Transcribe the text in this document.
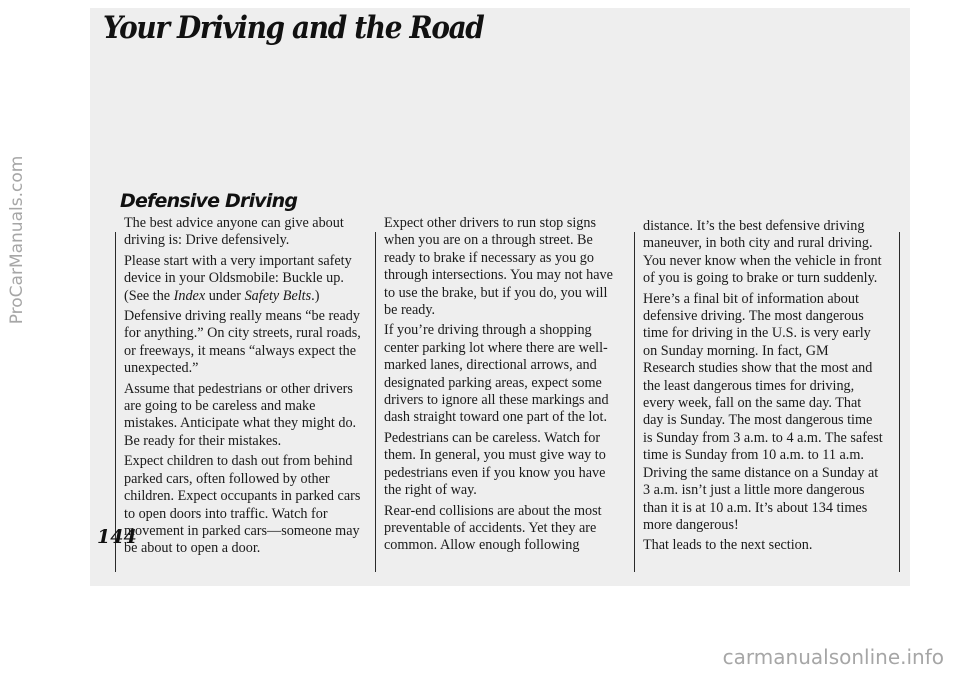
ProCarManuals.com
Your Driving and the Road
Defensive Driving
144

The best advice anyone can give about driving is: Drive defensively.

Please start with a very important safety device in your Oldsmobile: Buckle up. (See the Index under Safety Belts.)

Defensive driving really means “be ready for anything.” On city streets, rural roads, or freeways, it means “always expect the unexpected.”

Assume that pedestrians or other drivers are going to be careless and make mistakes. Anticipate what they might do. Be ready for their mistakes.

Expect children to dash out from behind parked cars, often followed by other children. Expect occupants in parked cars to open doors into traffic. Watch for movement in parked cars—someone may be about to open a door.

Expect other drivers to run stop signs when you are on a through street. Be ready to brake if necessary as you go through intersections. You may not have to use the brake, but if you do, you will be ready.

If you’re driving through a shopping center parking lot where there are well-marked lanes, directional arrows, and designated parking areas, expect some drivers to ignore all these markings and dash straight toward one part of the lot.

Pedestrians can be careless. Watch for them. In general, you must give way to pedestrians even if you know you have the right of way.

Rear-end collisions are about the most preventable of accidents. Yet they are common. Allow enough following

distance. It’s the best defensive driving maneuver, in both city and rural driving. You never know when the vehicle in front of you is going to brake or turn suddenly.

Here’s a final bit of information about defensive driving. The most dangerous time for driving in the U.S. is very early on Sunday morning. In fact, GM Research studies show that the most and the least dangerous times for driving, every week, fall on the same day. That day is Sunday. The most dangerous time is Sunday from 3 a.m. to 4 a.m. The safest time is Sunday from 10 a.m. to 11 a.m. Driving the same distance on a Sunday at 3 a.m. isn’t just a little more dangerous than it is at 10 a.m. It’s about 134 times more dangerous!

That leads to the next section.

carmanualsonline.info
